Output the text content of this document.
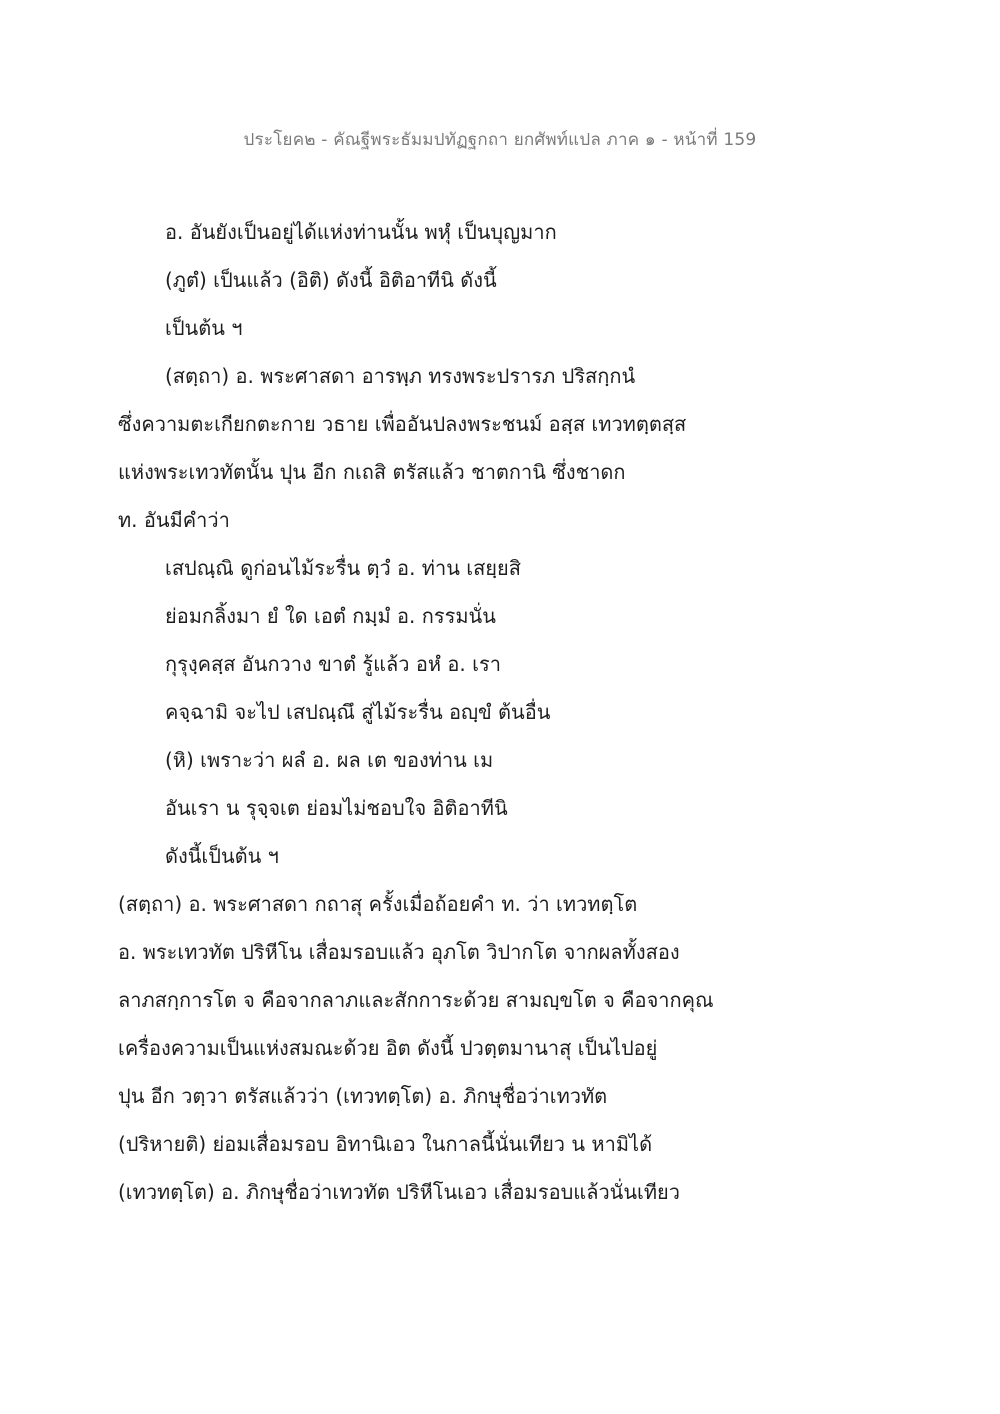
ประโยค๒ - คัณฐีพระธัมมปทัฏฐกถา ยกศัพท์แปล ภาค ๑ - หน้าที่ 159
อ. อันยังเป็นอยู่ได้แห่งท่านนั้น พหุํ เป็นบุญมาก
(ภูตํ) เป็นแล้ว (อิติ) ดังนี้ อิติอาทีนิ ดังนี้
เป็นต้น ฯ
(สตฺถา) อ. พระศาสดา อารพฺภ ทรงพระปรารภ ปริสกฺกนํ
ซึ่งความตะเกียกตะกาย วธาย เพื่ออันปลงพระชนม์ อสฺส เทวทตฺตสฺส
แห่งพระเทวทัตนั้น ปุน อีก กเถสิ ตรัสแล้ว ชาตกานิ ซึ่งชาดก
ท. อันมีคำว่า
เสปณฺณิ ดูก่อนไม้ระรื่น ตฺวํ อ. ท่าน เสยฺยสิ
ย่อมกลิ้งมา ยํ ใด เอตํ กมฺมํ อ. กรรมนั่น
กุรุงฺคสฺส อันกวาง ขาตํ รู้แล้ว อหํ อ. เรา
คจฺฉามิ จะไป เสปณฺณึ สู่ไม้ระรื่น อญฺขํ ต้นอื่น
(หิ) เพราะว่า ผลํ อ. ผล เต ของท่าน เม
อันเรา น รุจฺจเต ย่อมไม่ชอบใจ อิติอาทีนิ
ดังนี้เป็นต้น ฯ
(สตฺถา) อ. พระศาสดา กถาสุ ครั้งเมื่อถ้อยคำ ท. ว่า เทวทตฺโต
อ. พระเทวทัต ปริหีโน เสื่อมรอบแล้ว อุภโต วิปากโต จากผลทั้งสอง
ลาภสกฺการโต จ คือจากลาภและสักการะด้วย สามญฺขโต จ คือจากคุณ
เครื่องความเป็นแห่งสมณะด้วย อิต ดังนี้ ปวตฺตมานาสุ เป็นไปอยู่
ปุน อีก วตฺวา ตรัสแล้วว่า (เทวทตฺโต) อ. ภิกษุชื่อว่าเทวทัต
(ปริหายติ) ย่อมเสื่อมรอบ อิทานิเอว ในกาลนี้นั่นเทียว น หามิได้
(เทวทตฺโต) อ. ภิกษุชื่อว่าเทวทัต ปริหีโนเอว เสื่อมรอบแล้วนั่นเทียว
